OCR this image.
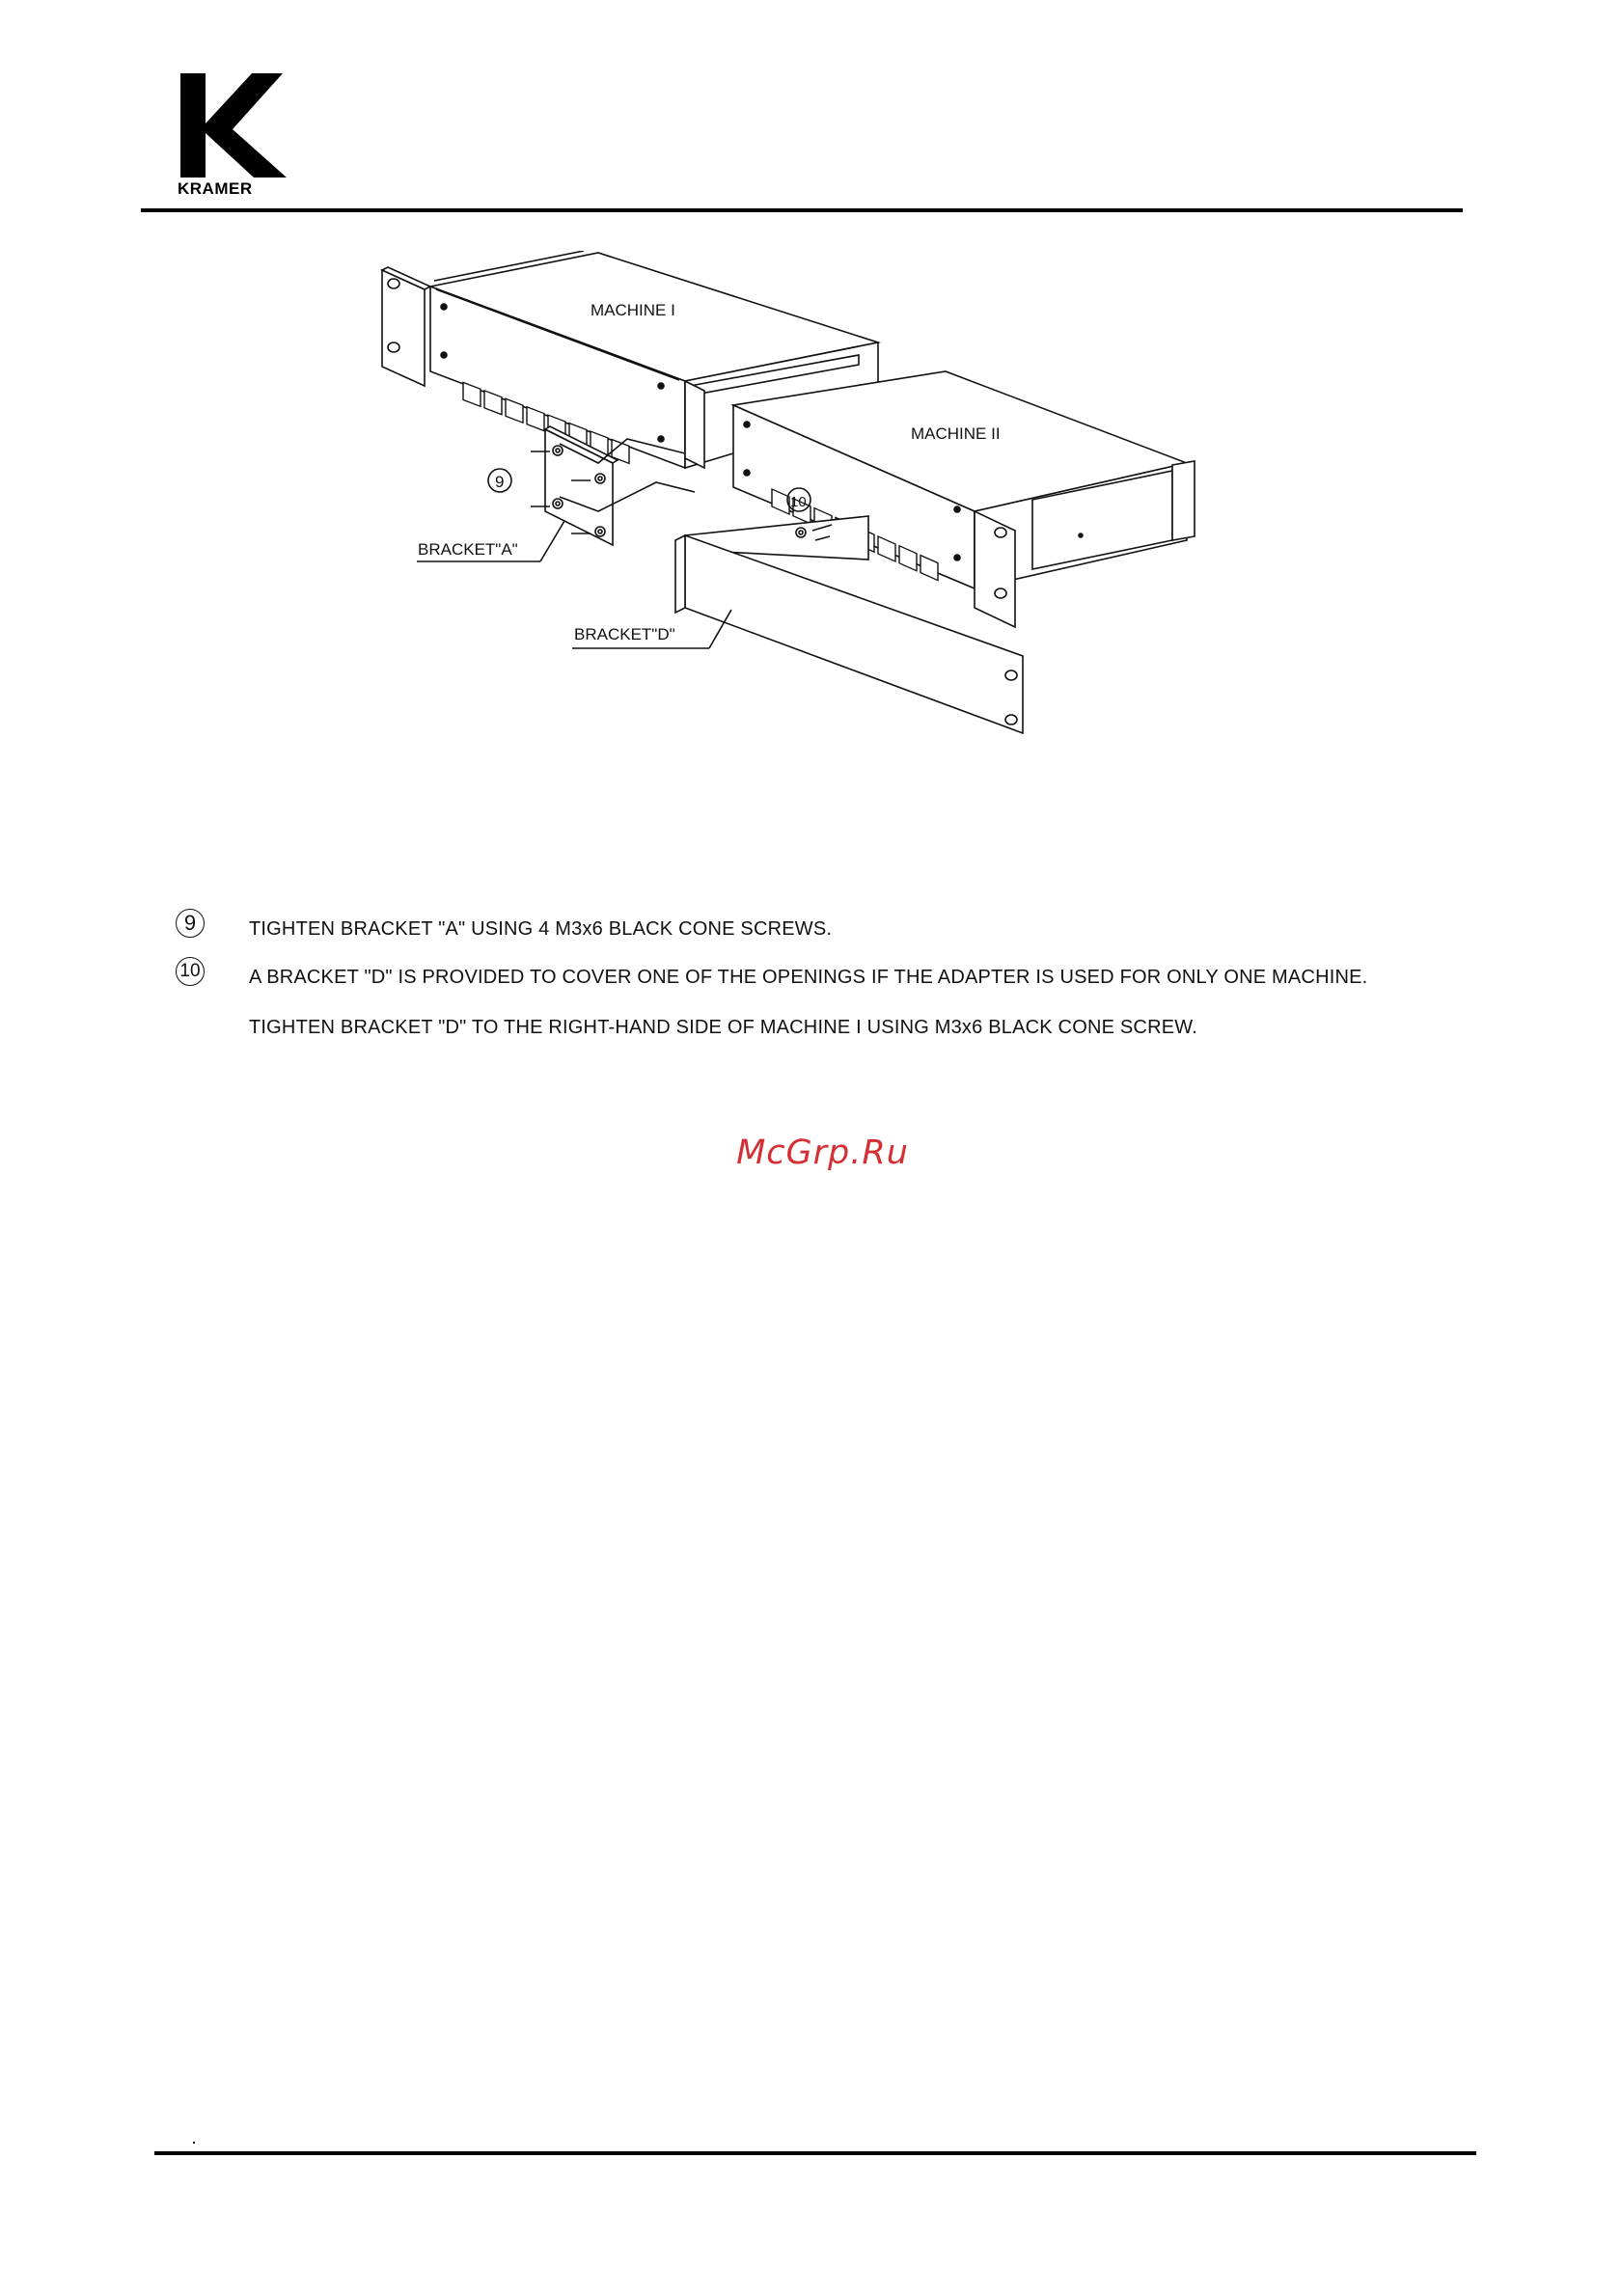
KRAMER
MACHINE I
MACHINE II
9
BRACKET"A"
10
BRACKET"D"
9	TIGHTEN BRACKET "A" USING 4 M3x6 BLACK CONE SCREWS.
10	A BRACKET "D" IS PROVIDED TO COVER ONE OF THE OPENINGS IF THE ADAPTER IS USED FOR ONLY ONE MACHINE.
TIGHTEN BRACKET "D" TO THE RIGHT-HAND SIDE OF MACHINE I USING M3x6 BLACK CONE SCREW.
McGrp.Ru
